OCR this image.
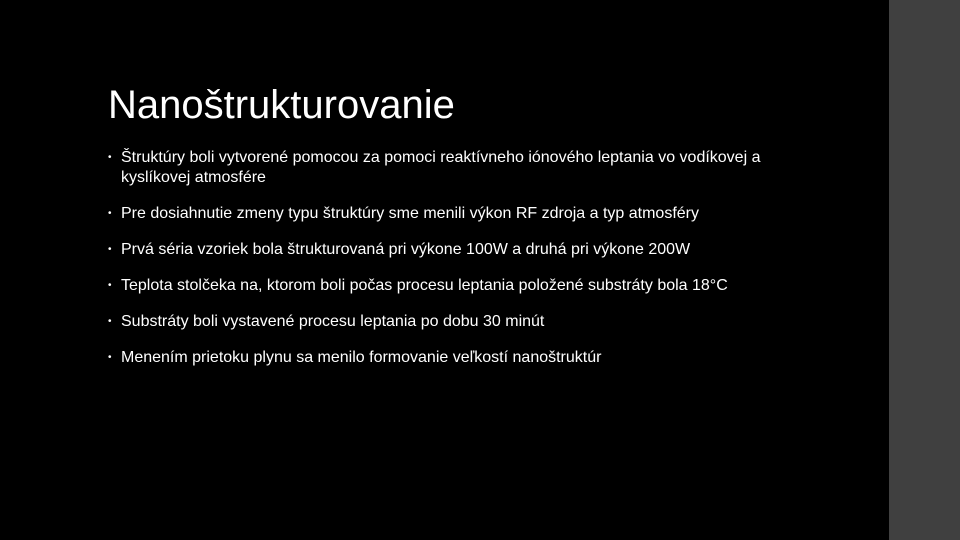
Nanoštrukturovanie
• Štruktúry boli vytvorené pomocou za pomoci reaktívneho iónového leptania vo vodíkovej a kyslíkovej atmosfére
• Pre dosiahnutie zmeny typu štruktúry sme menili výkon RF zdroja a typ atmosféry
• Prvá séria vzoriek bola štrukturovaná pri výkone 100W a druhá pri výkone 200W
• Teplota stolčeka na, ktorom boli počas procesu leptania položené substráty bola 18°C
• Substráty boli vystavené procesu leptania po dobu 30 minút
• Menením prietoku plynu sa menilo formovanie veľkostí nanoštruktúr
